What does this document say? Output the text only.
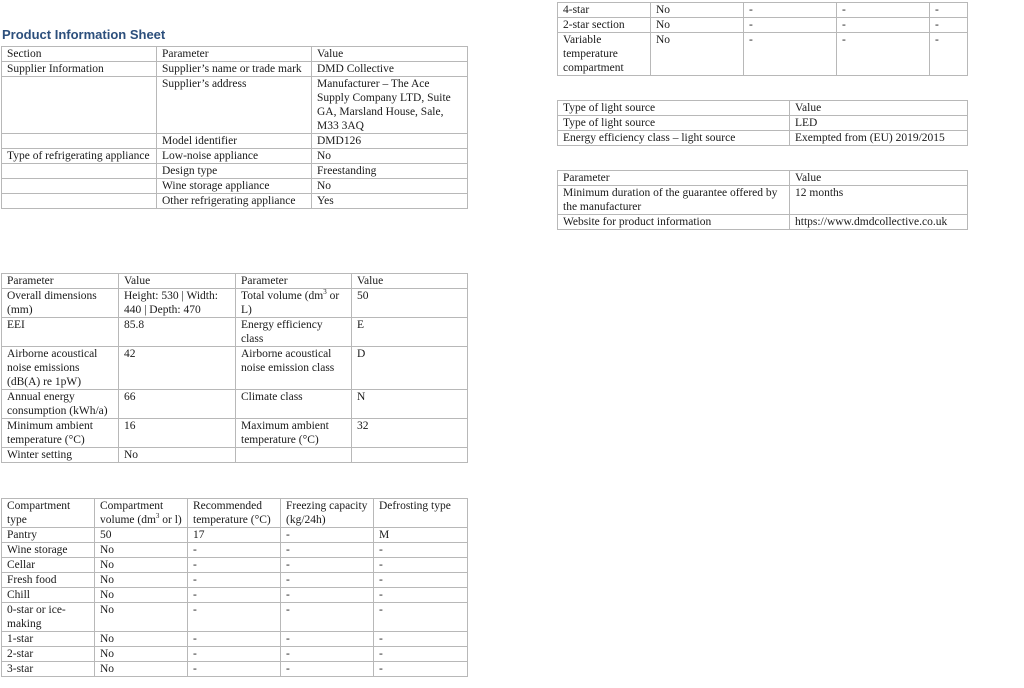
Product Information Sheet
Section	Parameter	Value
Supplier Information	Supplier’s name or trade mark	DMD Collective
	Supplier’s address	Manufacturer – The Ace Supply Company LTD, Suite GA, Marsland House, Sale, M33 3AQ
	Model identifier	DMD126
Type of refrigerating appliance	Low-noise appliance	No
	Design type	Freestanding
	Wine storage appliance	No
	Other refrigerating appliance	Yes
Parameter	Value	Parameter	Value
Overall dimensions (mm)	Height: 530 | Width: 440 | Depth: 470	Total volume ($dm^3$ or L)	50
EEI	85.8	Energy efficiency class	E
Airborne acoustical noise emissions (dB(A) re 1pW)	42	Airborne acoustical noise emission class	D
Annual energy consumption (kWh/a)	66	Climate class	N
Minimum ambient temperature (°C)	16	Maximum ambient temperature (°C)	32
Winter setting	No		
Compartment type	Compartment volume ($dm^3$ or l)	Recommended temperature (°C)	Freezing capacity (kg/24h)	Defrosting type
Pantry	50	17	-	M
Wine storage	No	-	-	-
Cellar	No	-	-	-
Fresh food	No	-	-	-
Chill	No	-	-	-
0-star or ice-making	No	-	-	-
1-star	No	-	-	-
2-star	No	-	-	-
3-star	No	-	-	-
4-star	No	-	-	-
2-star section	No	-	-	-
Variable temperature compartment	No	-	-	-
Type of light source	Value
Type of light source	LED
Energy efficiency class – light source	Exempted from (EU) 2019/2015
Parameter	Value
Minimum duration of the guarantee offered by the manufacturer	12 months
Website for product information	https://www.dmdcollective.co.uk
